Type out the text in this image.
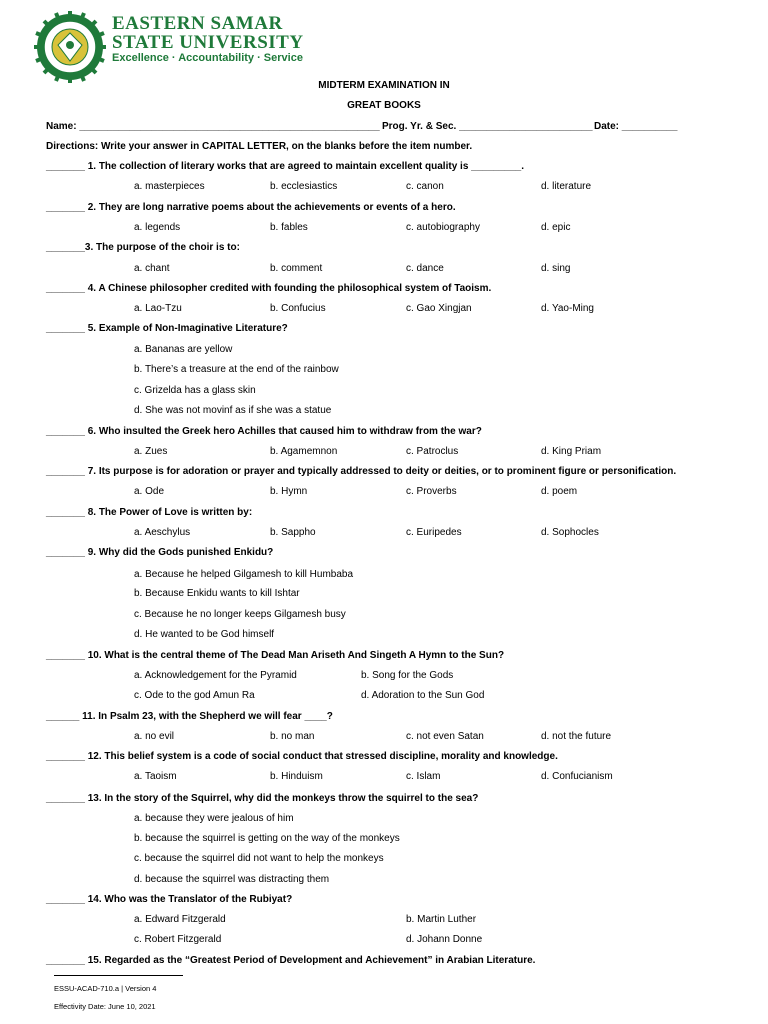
EASTERN SAMAR
STATE UNIVERSITY
Excellence · Accountability · Service
MIDTERM EXAMINATION IN
GREAT BOOKS
Name: ______________________________________________________ Prog. Yr. & Sec. ________________________ Date: __________
Directions: Write your answer in CAPITAL LETTER, on the blanks before the item number.
_______ 1. The collection of literary works that are agreed to maintain excellent quality is _________.
a. masterpieces	b. ecclesiastics	c. canon	d. literature
_______ 2. They are long narrative poems about the achievements or events of a hero.
a. legends	b. fables	c. autobiography	d. epic
_______3. The purpose of the choir is to:
a. chant	b. comment	c. dance	d. sing
_______ 4. A Chinese philosopher credited with founding the philosophical system of Taoism.
a. Lao-Tzu	b. Confucius	c. Gao Xingjan	d. Yao-Ming
_______ 5. Example of Non-Imaginative Literature?
a. Bananas are yellow
b. There’s a treasure at the end of the rainbow
c. Grizelda has a glass skin
d. She was not movinf as if she was a statue
_______ 6. Who insulted the Greek hero Achilles that caused him to withdraw from the war?
a. Zues	b. Agamemnon	c. Patroclus	d. King Priam
_______ 7. Its purpose is for adoration or prayer and typically addressed to deity or deities, or to prominent figure or personification.
a. Ode	b. Hymn	c. Proverbs	d. poem
_______ 8. The Power of Love is written by:
a. Aeschylus	b. Sappho	c. Euripedes	d. Sophocles
_______ 9. Why did the Gods punished Enkidu?
a. Because he helped Gilgamesh to kill Humbaba
b. Because Enkidu wants to kill Ishtar
c. Because he no longer keeps Gilgamesh busy
d. He wanted to be God himself
_______ 10. What is the central theme of The Dead Man Ariseth And Singeth A Hymn to the Sun?
a. Acknowledgement for the Pyramid	b. Song for the Gods
c. Ode to the god Amun Ra	d. Adoration to the Sun God
______ 11. In Psalm 23, with the Shepherd we will fear ____?
a. no evil	b. no man	c. not even Satan	d. not the future
_______ 12. This belief system is a code of social conduct that stressed discipline, morality and knowledge.
a. Taoism	b. Hinduism	c. Islam	d. Confucianism
_______ 13. In the story of the Squirrel, why did the monkeys throw the squirrel to the sea?
a. because they were jealous of him
b. because the squirrel is getting on the way of the monkeys
c. because the squirrel did not want to help the monkeys
d. because the squirrel was distracting them
_______ 14. Who was the Translator of the Rubiyat?
a. Edward Fitzgerald	b. Martin Luther
c. Robert Fitzgerald	d. Johann Donne
_______ 15. Regarded as the “Greatest Period of Development and Achievement” in Arabian Literature.
ESSU-ACAD-710.a | Version 4
Effectivity Date: June 10, 2021
